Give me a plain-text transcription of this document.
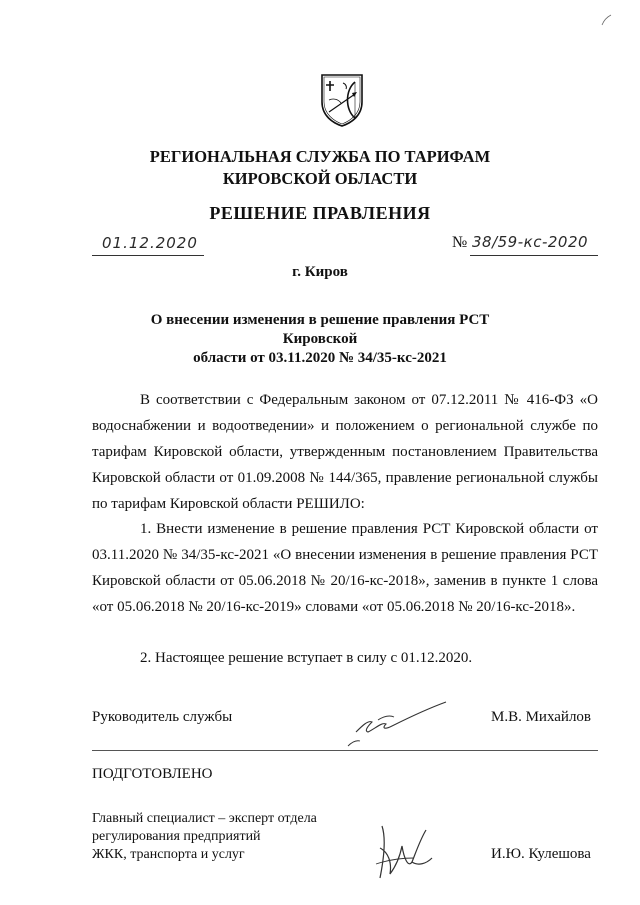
РЕГИОНАЛЬНАЯ СЛУЖБА ПО ТАРИФАМ
КИРОВСКОЙ ОБЛАСТИ
РЕШЕНИЕ ПРАВЛЕНИЯ
01.12.2020	№ 38/59-кс-2020
г. Киров
О внесении изменения в решение правления РСТ Кировской
области от 03.11.2020 № 34/35-кс-2021

В соответствии с Федеральным законом от 07.12.2011 № 416-ФЗ «О водоснабжении и водоотведении» и положением о региональной службе по тарифам Кировской области, утвержденным постановлением Правительства Кировской области от 01.09.2008 № 144/365, правление региональной службы по тарифам Кировской области РЕШИЛО:

1. Внести изменение в решение правления РСТ Кировской области от 03.11.2020 № 34/35-кс-2021 «О внесении изменения в решение правления РСТ Кировской области от 05.06.2018 № 20/16-кс-2018», заменив в пункте 1 слова «от 05.06.2018 № 20/16-кс-2019» словами «от 05.06.2018 № 20/16-кс-2018».

2. Настоящее решение вступает в силу с 01.12.2020.

Руководитель службы	М.В. Михайлов
ПОДГОТОВЛЕНО
Главный специалист – эксперт отдела
регулирования предприятий
ЖКК, транспорта и услуг	И.Ю. Кулешова
